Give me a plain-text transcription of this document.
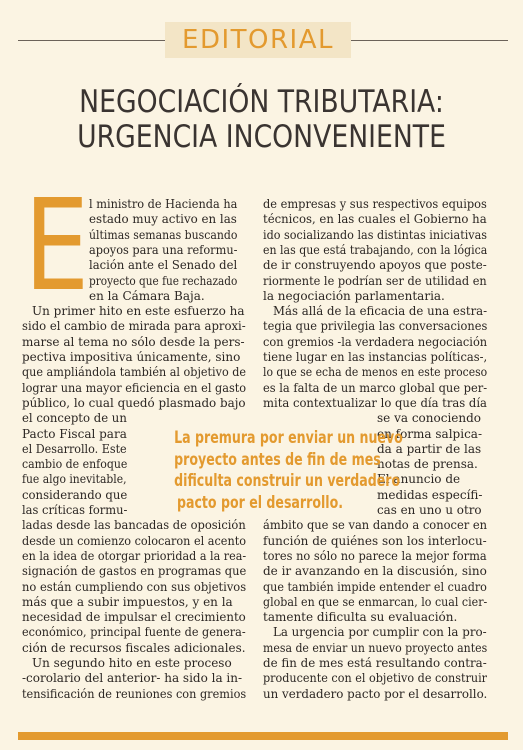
EDITORIAL
NEGOCIACIÓN TRIBUTARIA:
URGENCIA INCONVENIENTE
E l ministro de Hacienda ha
estado muy activo en las
últimas semanas buscando
apoyos para una reformu-
lación ante el Senado del
proyecto que fue rechazado
en la Cámara Baja.
Un primer hito en este esfuerzo ha
sido el cambio de mirada para aproxi-
marse al tema no sólo desde la pers-
pectiva impositiva únicamente, sino
que ampliándola también al objetivo de
lograr una mayor eficiencia en el gasto
público, lo cual quedó plasmado bajo
el concepto de un
Pacto Fiscal para
el Desarrollo. Este
cambio de enfoque
fue algo inevitable,
considerando que
las críticas formu-
ladas desde las bancadas de oposición
desde un comienzo colocaron el acento
en la idea de otorgar prioridad a la rea-
signación de gastos en programas que
no están cumpliendo con sus objetivos
más que a subir impuestos, y en la
necesidad de impulsar el crecimiento
económico, principal fuente de genera-
ción de recursos fiscales adicionales.
Un segundo hito en este proceso
-corolario del anterior- ha sido la in-
tensificación de reuniones con gremios
de empresas y sus respectivos equipos
técnicos, en las cuales el Gobierno ha
ido socializando las distintas iniciativas
en las que está trabajando, con la lógica
de ir construyendo apoyos que poste-
riormente le podrían ser de utilidad en
la negociación parlamentaria.
Más allá de la eficacia de una estra-
tegia que privilegia las conversaciones
con gremios -la verdadera negociación
tiene lugar en las instancias políticas-,
lo que se echa de menos en este proceso
es la falta de un marco global que per-
mita contextualizar lo que día tras día
se va conociendo
en forma salpica-
da a partir de las
notas de prensa.
El anuncio de
medidas específi-
cas en uno u otro
ámbito que se van dando a conocer en
función de quiénes son los interlocu-
tores no sólo no parece la mejor forma
de ir avanzando en la discusión, sino
que también impide entender el cuadro
global en que se enmarcan, lo cual cier-
tamente dificulta su evaluación.
La urgencia por cumplir con la pro-
mesa de enviar un nuevo proyecto antes
de fin de mes está resultando contra-
producente con el objetivo de construir
un verdadero pacto por el desarrollo.
La premura por enviar un nuevo
proyecto antes de fin de mes
dificulta construir un verdadero
pacto por el desarrollo.
